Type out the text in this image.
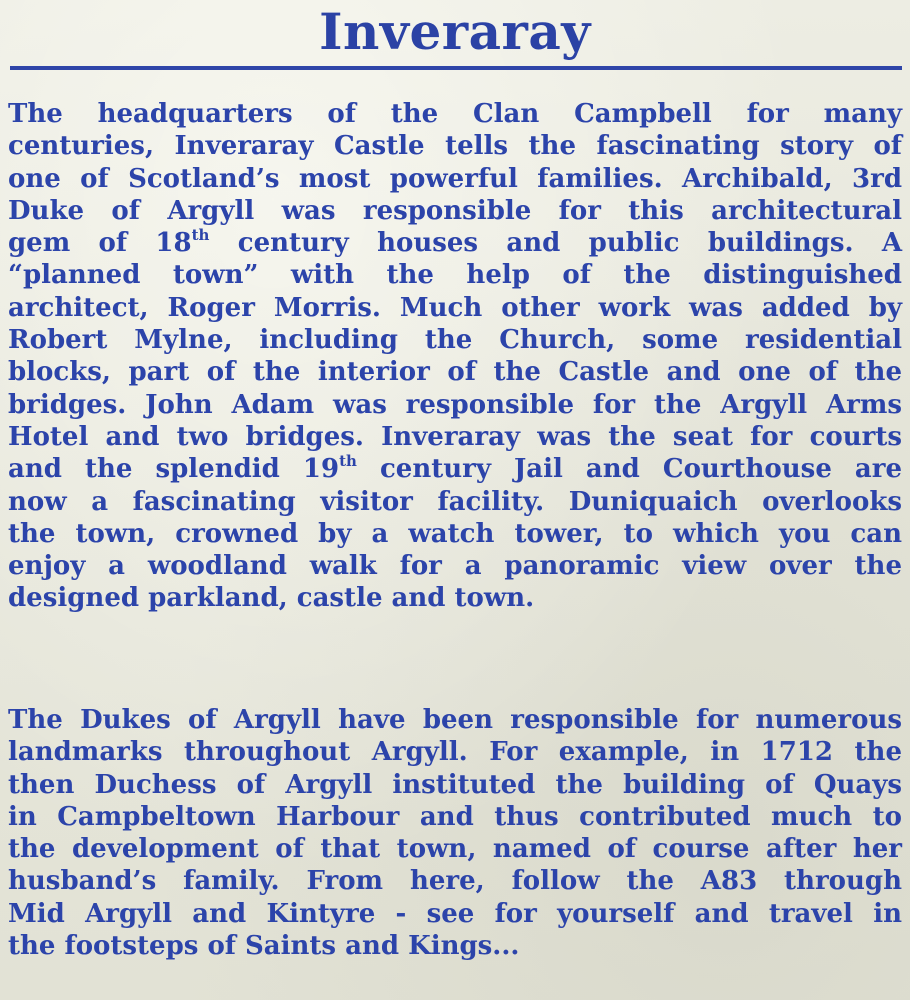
Inveraray

The headquarters of the Clan Campbell for many
centuries, Inveraray Castle tells the fascinating story of
one of Scotland’s most powerful families. Archibald, 3rd
Duke of Argyll was responsible for this architectural
gem of 18th century houses and public buildings. A
“planned town” with the help of the distinguished
architect, Roger Morris. Much other work was added by
Robert Mylne, including the Church, some residential
blocks, part of the interior of the Castle and one of the
bridges. John Adam was responsible for the Argyll Arms
Hotel and two bridges. Inveraray was the seat for courts
and the splendid 19th century Jail and Courthouse are
now a fascinating visitor facility. Duniquaich overlooks
the town, crowned by a watch tower, to which you can
enjoy a woodland walk for a panoramic view over the
designed parkland, castle and town.

The Dukes of Argyll have been responsible for numerous
landmarks throughout Argyll. For example, in 1712 the
then Duchess of Argyll instituted the building of Quays
in Campbeltown Harbour and thus contributed much to
the development of that town, named of course after her
husband’s family. From here, follow the A83 through
Mid Argyll and Kintyre - see for yourself and travel in
the footsteps of Saints and Kings...
